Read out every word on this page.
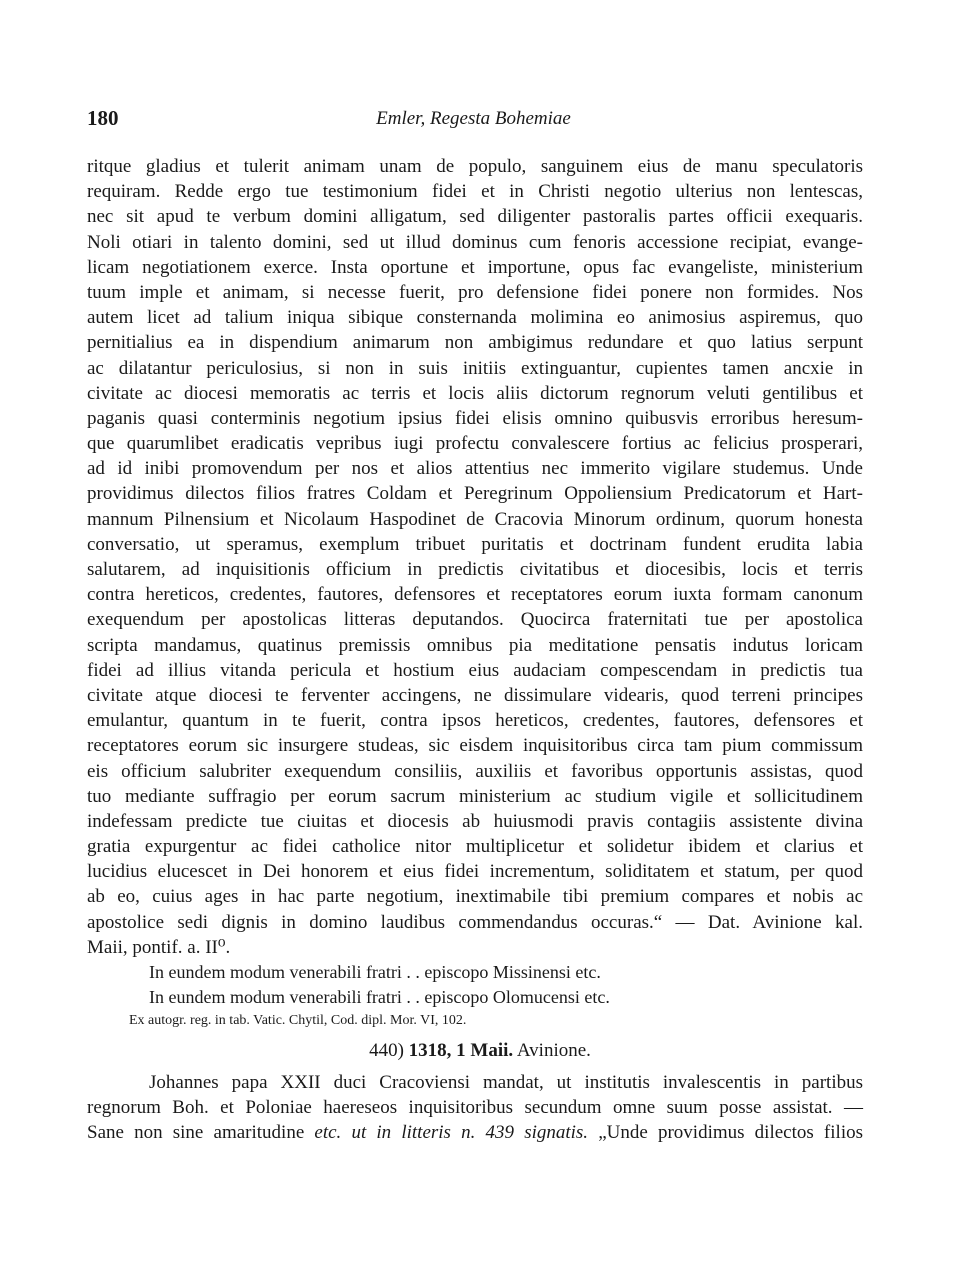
180	Emler, Regesta Bohemiae
ritque gladius et tulerit animam unam de populo, sanguinem eius de manu speculatoris
requiram. Redde ergo tue testimonium fidei et in Christi negotio ulterius non lentescas,
nec sit apud te verbum domini alligatum, sed diligenter pastoralis partes officii exequaris.
Noli otiari in talento domini, sed ut illud dominus cum fenoris accessione recipiat, evange-
licam negotiationem exerce. Insta oportune et importune, opus fac evangeliste, ministerium
tuum imple et animam, si necesse fuerit, pro defensione fidei ponere non formides. Nos
autem licet ad talium iniqua sibique consternanda molimina eo animosius aspiremus, quo
pernitialius ea in dispendium animarum non ambigimus redundare et quo latius serpunt
ac dilatantur periculosius, si non in suis initiis extinguantur, cupientes tamen ancxie in
civitate ac diocesi memoratis ac terris et locis aliis dictorum regnorum veluti gentilibus et
paganis quasi conterminis negotium ipsius fidei elisis omnino quibusvis erroribus heresum-
que quarumlibet eradicatis vepribus iugi profectu convalescere fortius ac felicius prosperari,
ad id inibi promovendum per nos et alios attentius nec immerito vigilare studemus. Unde
providimus dilectos filios fratres Coldam et Peregrinum Oppoliensium Predicatorum et Hart-
mannum Pilnensium et Nicolaum Haspodinet de Cracovia Minorum ordinum, quorum honesta
conversatio, ut speramus, exemplum tribuet puritatis et doctrinam fundent erudita labia
salutarem, ad inquisitionis officium in predictis civitatibus et diocesibis, locis et terris
contra hereticos, credentes, fautores, defensores et receptatores eorum iuxta formam canonum
exequendum per apostolicas litteras deputandos. Quocirca fraternitati tue per apostolica
scripta mandamus, quatinus premissis omnibus pia meditatione pensatis indutus loricam
fidei ad illius vitanda pericula et hostium eius audaciam compescendam in predictis tua
civitate atque diocesi te ferventer accingens, ne dissimulare videaris, quod terreni principes
emulantur, quantum in te fuerit, contra ipsos hereticos, credentes, fautores, defensores et
receptatores eorum sic insurgere studeas, sic eisdem inquisitoribus circa tam pium commissum
eis officium salubriter exequendum consiliis, auxiliis et favoribus opportunis assistas, quod
tuo mediante suffragio per eorum sacrum ministerium ac studium vigile et sollicitudinem
indefessam predicte tue ciuitas et diocesis ab huiusmodi pravis contagiis assistente divina
gratia expurgentur ac fidei catholice nitor multiplicetur et solidetur ibidem et clarius et
lucidius elucescet in Dei honorem et eius fidei incrementum, soliditatem et statum, per quod
ab eo, cuius ages in hac parte negotium, inextimabile tibi premium compares et nobis ac
apostolice sedi dignis in domino laudibus commendandus occuras.“ — Dat. Avinione kal.
Maii, pontif. a. II⁰.
In eundem modum venerabili fratri . . episcopo Missinensi etc.
In eundem modum venerabili fratri . . episcopo Olomucensi etc.
Ex autogr. reg. in tab. Vatic. Chytil, Cod. dipl. Mor. VI, 102.
440) 1318, 1 Maii. Avinione.
Johannes papa XXII duci Cracoviensi mandat, ut institutis invalescentis in partibus
regnorum Boh. et Poloniae haereseos inquisitoribus secundum omne suum posse assistat. —
Sane non sine amaritudine etc. ut in litteris n. 439 signatis. „Unde providimus dilectos filios
